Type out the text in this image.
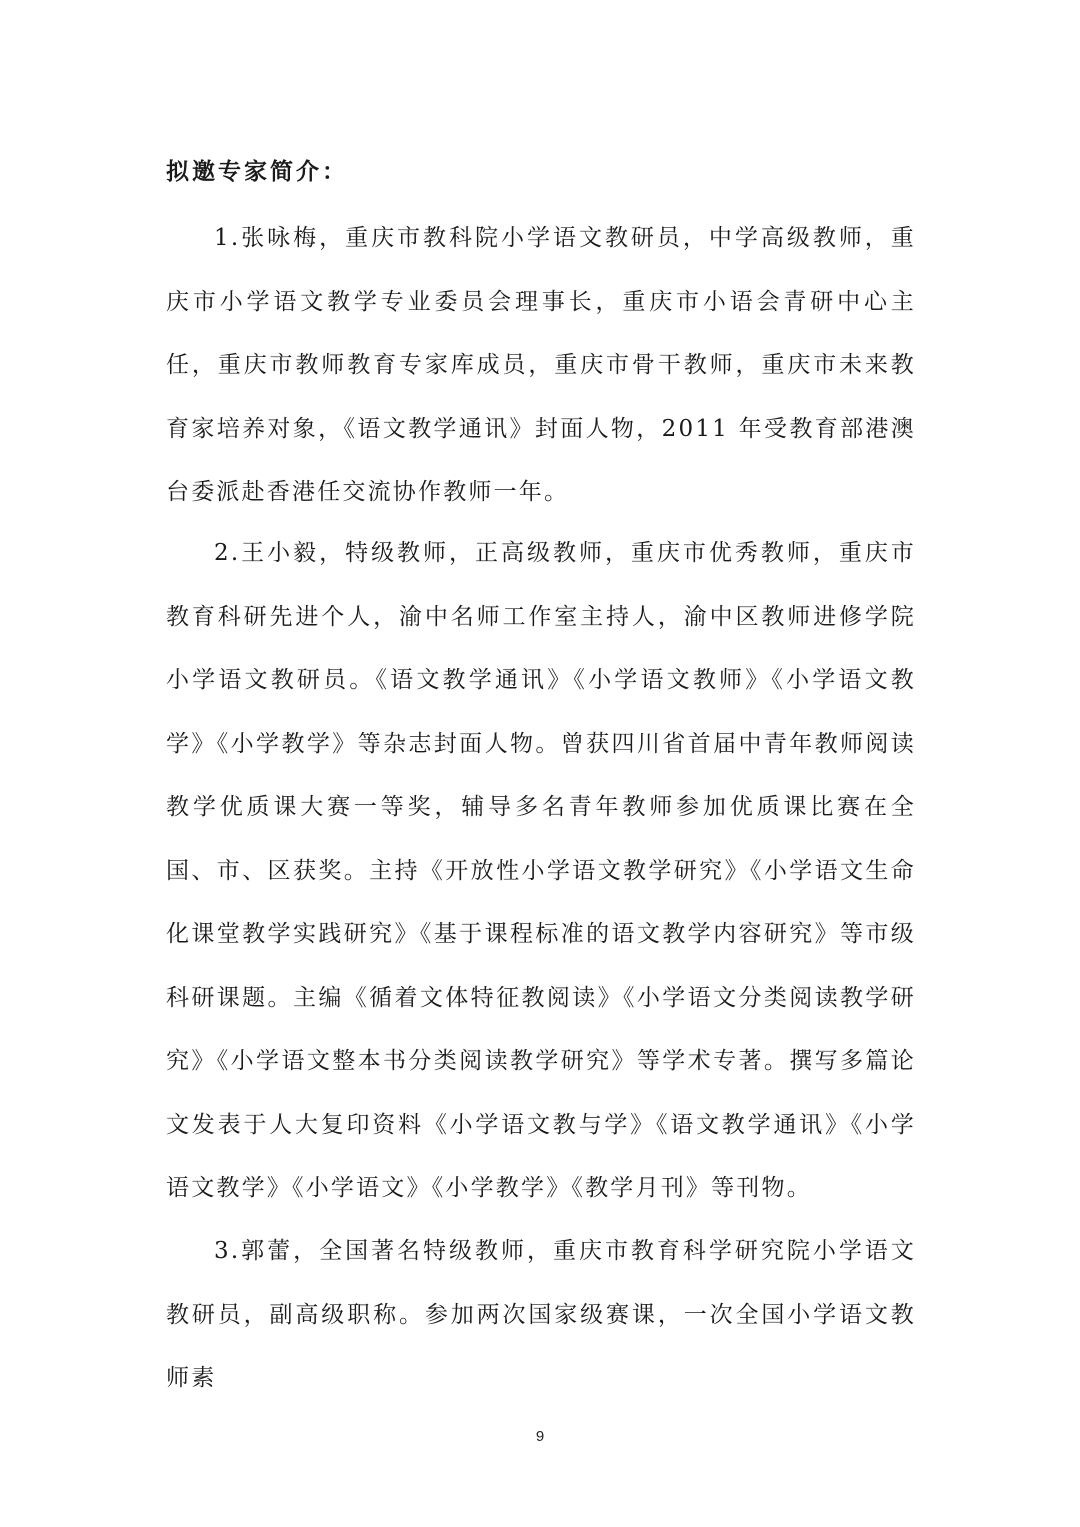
拟邀专家简介：

1.张咏梅，重庆市教科院小学语文教研员，中学高级教师，重庆市小学语文教学专业委员会理事长，重庆市小语会青研中心主任，重庆市教师教育专家库成员，重庆市骨干教师，重庆市未来教育家培养对象，《语文教学通讯》封面人物，2011 年受教育部港澳台委派赴香港任交流协作教师一年。

2.王小毅，特级教师，正高级教师，重庆市优秀教师，重庆市教育科研先进个人，渝中名师工作室主持人，渝中区教师进修学院小学语文教研员。《语文教学通讯》《小学语文教师》《小学语文教学》《小学教学》等杂志封面人物。曾获四川省首届中青年教师阅读教学优质课大赛一等奖，辅导多名青年教师参加优质课比赛在全国、市、区获奖。主持《开放性小学语文教学研究》《小学语文生命化课堂教学实践研究》《基于课程标准的语文教学内容研究》等市级科研课题。主编《循着文体特征教阅读》《小学语文分类阅读教学研究》《小学语文整本书分类阅读教学研究》等学术专著。撰写多篇论文发表于人大复印资料《小学语文教与学》《语文教学通讯》《小学语文教学》《小学语文》《小学教学》《教学月刊》等刊物。

3.郭蕾，全国著名特级教师，重庆市教育科学研究院小学语文教研员，副高级职称。参加两次国家级赛课，一次全国小学语文教师素

9
